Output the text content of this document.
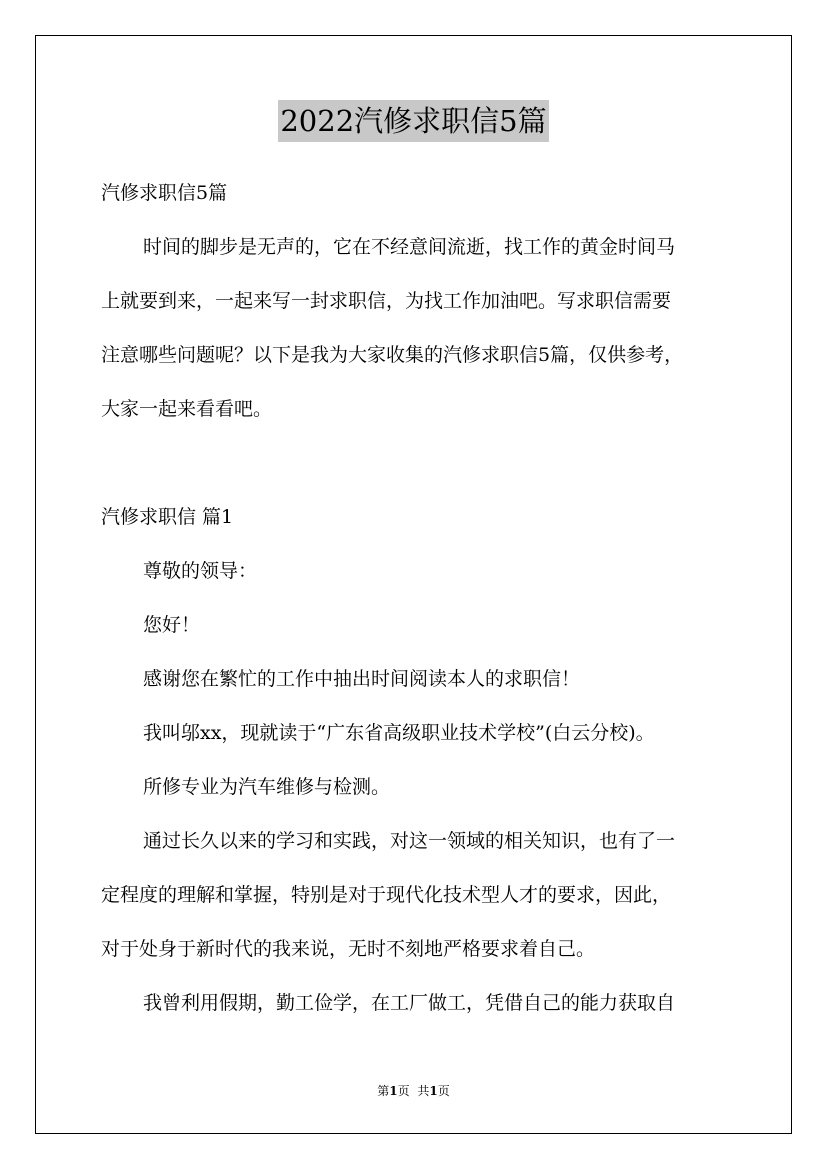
2022汽修求职信5篇
汽修求职信5篇
时间的脚步是无声的，它在不经意间流逝，找工作的黄金时间马
上就要到来，一起来写一封求职信，为找工作加油吧。写求职信需要
注意哪些问题呢？以下是我为大家收集的汽修求职信5篇，仅供参考，
大家一起来看看吧。
汽修求职信 篇1
尊敬的领导：
您好！
感谢您在繁忙的工作中抽出时间阅读本人的求职信！
我叫邬xx，现就读于“广东省高级职业技术学校”(白云分校)。
所修专业为汽车维修与检测。
通过长久以来的学习和实践，对这一领域的相关知识，也有了一
定程度的理解和掌握，特别是对于现代化技术型人才的要求，因此，
对于处身于新时代的我来说，无时不刻地严格要求着自己。
我曾利用假期，勤工俭学，在工厂做工，凭借自己的能力获取自
第1页 共1页
